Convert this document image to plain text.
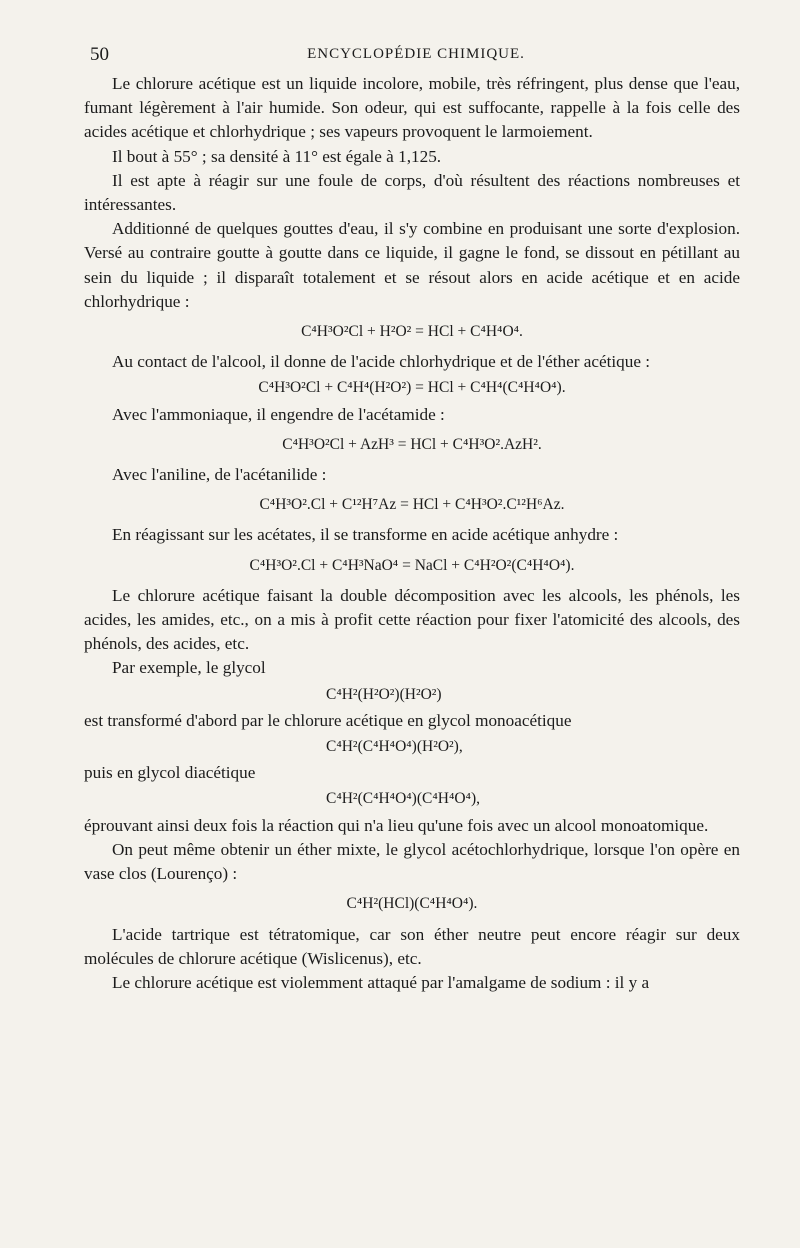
50	ENCYCLOPÉDIE CHIMIQUE.

Le chlorure acétique est un liquide incolore, mobile, très réfringent, plus dense que l'eau, fumant légèrement à l'air humide. Son odeur, qui est suffocante, rappelle à la fois celle des acides acétique et chlorhydrique ; ses vapeurs provoquent le larmoiement.

Il bout à 55° ; sa densité à 11° est égale à 1,125.

Il est apte à réagir sur une foule de corps, d'où résultent des réactions nombreuses et intéressantes.

Additionné de quelques gouttes d'eau, il s'y combine en produisant une sorte d'explosion. Versé au contraire goutte à goutte dans ce liquide, il gagne le fond, se dissout en pétillant au sein du liquide ; il disparaît totalement et se résout alors en acide acétique et en acide chlorhydrique :

C⁴H³O²Cl + H²O² = HCl + C⁴H⁴O⁴.

Au contact de l'alcool, il donne de l'acide chlorhydrique et de l'éther acétique :

C⁴H³O²Cl + C⁴H⁴(H²O²) = HCl + C⁴H⁴(C⁴H⁴O⁴).

Avec l'ammoniaque, il engendre de l'acétamide :

C⁴H³O²Cl + AzH³ = HCl + C⁴H³O².AzH².

Avec l'aniline, de l'acétanilide :

C⁴H³O².Cl + C¹²H⁷Az = HCl + C⁴H³O².C¹²H⁶Az.

En réagissant sur les acétates, il se transforme en acide acétique anhydre :

C⁴H³O².Cl + C⁴H³NaO⁴ = NaCl + C⁴H²O²(C⁴H⁴O⁴).

Le chlorure acétique faisant la double décomposition avec les alcools, les phénols, les acides, les amides, etc., on a mis à profit cette réaction pour fixer l'atomicité des alcools, des phénols, des acides, etc.

Par exemple, le glycol

C⁴H²(H²O²)(H²O²)

est transformé d'abord par le chlorure acétique en glycol monoacétique

C⁴H²(C⁴H⁴O⁴)(H²O²),

puis en glycol diacétique

C⁴H²(C⁴H⁴O⁴)(C⁴H⁴O⁴),

éprouvant ainsi deux fois la réaction qui n'a lieu qu'une fois avec un alcool monoatomique.

On peut même obtenir un éther mixte, le glycol acétochlorhydrique, lorsque l'on opère en vase clos (Lourenço) :

C⁴H²(HCl)(C⁴H⁴O⁴).

L'acide tartrique est tétratomique, car son éther neutre peut encore réagir sur deux molécules de chlorure acétique (Wislicenus), etc.

Le chlorure acétique est violemment attaqué par l'amalgame de sodium : il y a
